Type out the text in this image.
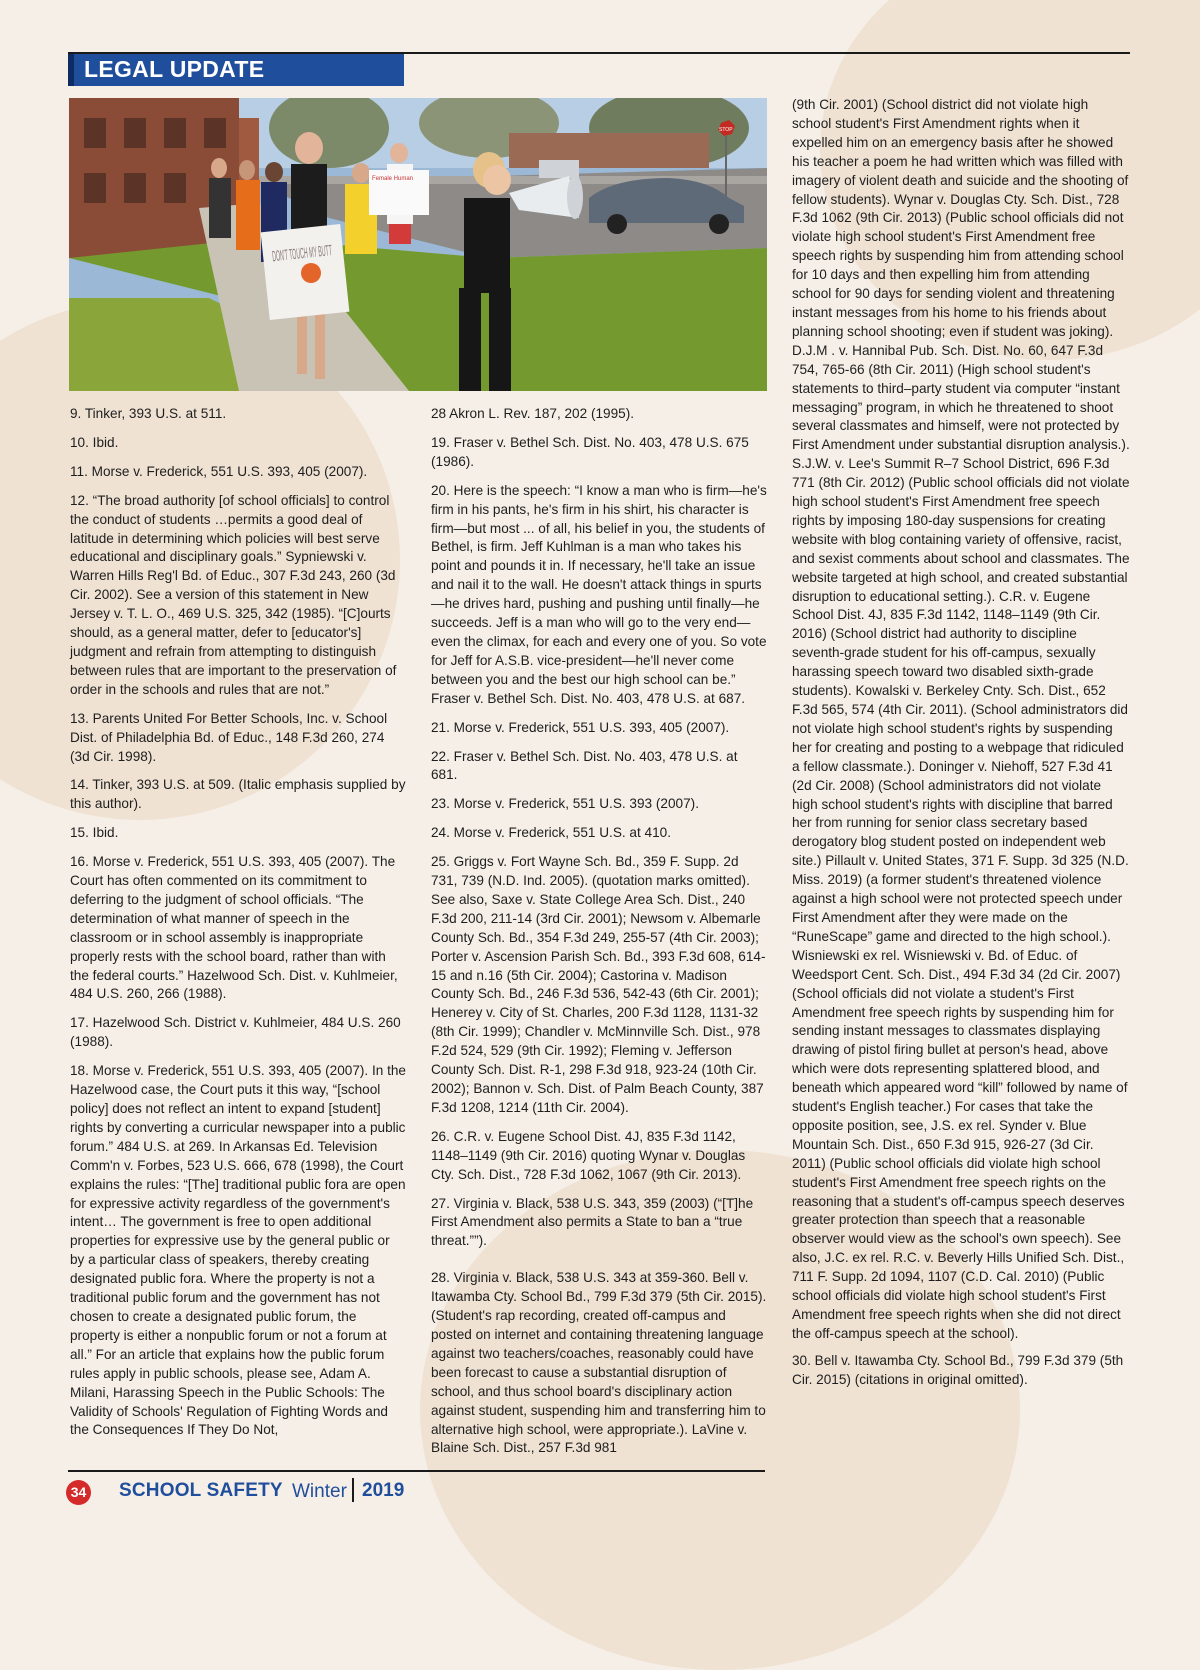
LEGAL UPDATE
STOP
Female Human

9. Tinker, 393 U.S. at 511.

10. Ibid.

11. Morse v. Frederick, 551 U.S. 393, 405 (2007).

12. “The broad authority [of school officials] to control the conduct of students …permits a good deal of latitude in determining which policies will best serve educational and disciplinary goals.” Sypniewski v. Warren Hills Reg'l Bd. of Educ., 307 F.3d 243, 260 (3d Cir. 2002). See a version of this statement in New Jersey v. T. L. O., 469 U.S. 325, 342 (1985). “[C]ourts should, as a general matter, defer to [educator's] judgment and refrain from attempting to distinguish between rules that are important to the preservation of order in the schools and rules that are not.”

13. Parents United For Better Schools, Inc. v. School Dist. of Philadelphia Bd. of Educ., 148 F.3d 260, 274 (3d Cir. 1998).

14. Tinker, 393 U.S. at 509. (Italic emphasis supplied by this author).

15. Ibid.

16. Morse v. Frederick, 551 U.S. 393, 405 (2007). The Court has often commented on its commitment to deferring to the judgment of school officials. “The determination of what manner of speech in the classroom or in school assembly is inappropriate properly rests with the school board, rather than with the federal courts.” Hazelwood Sch. Dist. v. Kuhlmeier, 484 U.S. 260, 266 (1988).

17. Hazelwood Sch. District v. Kuhlmeier, 484 U.S. 260 (1988).

18. Morse v. Frederick, 551 U.S. 393, 405 (2007). In the Hazelwood case, the Court puts it this way, “[school policy] does not reflect an intent to expand [student] rights by converting a curricular newspaper into a public forum.” 484 U.S. at 269. In Arkansas Ed. Television Comm'n v. Forbes, 523 U.S. 666, 678 (1998), the Court explains the rules: “[The] traditional public fora are open for expressive activity regardless of the government's intent… The government is free to open additional properties for expressive use by the general public or by a particular class of speakers, thereby creating designated public fora. Where the property is not a traditional public forum and the government has not chosen to create a designated public forum, the property is either a nonpublic forum or not a forum at all.” For an article that explains how the public forum rules apply in public schools, please see, Adam A. Milani, Harassing Speech in the Public Schools: The Validity of Schools' Regulation of Fighting Words and the Consequences If They Do Not,

28 Akron L. Rev. 187, 202 (1995).

19. Fraser v. Bethel Sch. Dist. No. 403, 478 U.S. 675 (1986).

20. Here is the speech: “I know a man who is firm—he's firm in his pants, he's firm in his shirt, his character is firm—but most ... of all, his belief in you, the students of Bethel, is firm. Jeff Kuhlman is a man who takes his point and pounds it in. If necessary, he'll take an issue and nail it to the wall. He doesn't attack things in spurts—he drives hard, pushing and pushing until finally—he succeeds. Jeff is a man who will go to the very end—even the climax, for each and every one of you. So vote for Jeff for A.S.B. vice-president—he'll never come between you and the best our high school can be.” Fraser v. Bethel Sch. Dist. No. 403, 478 U.S. at 687.

21. Morse v. Frederick, 551 U.S. 393, 405 (2007).

22. Fraser v. Bethel Sch. Dist. No. 403, 478 U.S. at 681.

23. Morse v. Frederick, 551 U.S. 393 (2007).

24. Morse v. Frederick, 551 U.S. at 410.

25. Griggs v. Fort Wayne Sch. Bd., 359 F. Supp. 2d 731, 739 (N.D. Ind. 2005). (quotation marks omitted). See also, Saxe v. State College Area Sch. Dist., 240 F.3d 200, 211-14 (3rd Cir. 2001); Newsom v. Albemarle County Sch. Bd., 354 F.3d 249, 255-57 (4th Cir. 2003); Porter v. Ascension Parish Sch. Bd., 393 F.3d 608, 614-15 and n.16 (5th Cir. 2004); Castorina v. Madison County Sch. Bd., 246 F.3d 536, 542-43 (6th Cir. 2001); Henerey v. City of St. Charles, 200 F.3d 1128, 1131-32 (8th Cir. 1999); Chandler v. McMinnville Sch. Dist., 978 F.2d 524, 529 (9th Cir. 1992); Fleming v. Jefferson County Sch. Dist. R-1, 298 F.3d 918, 923-24 (10th Cir. 2002); Bannon v. Sch. Dist. of Palm Beach County, 387 F.3d 1208, 1214 (11th Cir. 2004).

26. C.R. v. Eugene School Dist. 4J, 835 F.3d 1142, 1148–1149 (9th Cir. 2016) quoting Wynar v. Douglas Cty. Sch. Dist., 728 F.3d 1062, 1067 (9th Cir. 2013).

27. Virginia v. Black, 538 U.S. 343, 359 (2003) (“[T]he First Amendment also permits a State to ban a “true threat.””).

28. Virginia v. Black, 538 U.S. 343 at 359-360. Bell v. Itawamba Cty. School Bd., 799 F.3d 379 (5th Cir. 2015). (Student's rap recording, created off-campus and posted on internet and containing threatening language against two teachers/coaches, reasonably could have been forecast to cause a substantial disruption of school, and thus school board's disciplinary action against student, suspending him and transferring him to alternative high school, were appropriate.). LaVine v. Blaine Sch. Dist., 257 F.3d 981

(9th Cir. 2001) (School district did not violate high school student's First Amendment rights when it expelled him on an emergency basis after he showed his teacher a poem he had written which was filled with imagery of violent death and suicide and the shooting of fellow students). Wynar v. Douglas Cty. Sch. Dist., 728 F.3d 1062 (9th Cir. 2013) (Public school officials did not violate high school student's First Amendment free speech rights by suspending him from attending school for 10 days and then expelling him from attending school for 90 days for sending violent and threatening instant messages from his home to his friends about planning school shooting; even if student was joking). D.J.M . v. Hannibal Pub. Sch. Dist. No. 60, 647 F.3d 754, 765-66 (8th Cir. 2011) (High school student's statements to third–party student via computer “instant messaging” program, in which he threatened to shoot several classmates and himself, were not protected by First Amendment under substantial disruption analysis.). S.J.W. v. Lee's Summit R–7 School District, 696 F.3d 771 (8th Cir. 2012) (Public school officials did not violate high school student's First Amendment free speech rights by imposing 180-day suspensions for creating website with blog containing variety of offensive, racist, and sexist comments about school and classmates. The website targeted at high school, and created substantial disruption to educational setting.). C.R. v. Eugene School Dist. 4J, 835 F.3d 1142, 1148–1149 (9th Cir. 2016) (School district had authority to discipline seventh-grade student for his off-campus, sexually harassing speech toward two disabled sixth-grade students). Kowalski v. Berkeley Cnty. Sch. Dist., 652 F.3d 565, 574 (4th Cir. 2011). (School administrators did not violate high school student's rights by suspending her for creating and posting to a webpage that ridiculed a fellow classmate.). Doninger v. Niehoff, 527 F.3d 41 (2d Cir. 2008) (School administrators did not violate high school student's rights with discipline that barred her from running for senior class secretary based derogatory blog student posted on independent web site.) Pillault v. United States, 371 F. Supp. 3d 325 (N.D. Miss. 2019) (a former student's threatened violence against a high school were not protected speech under First Amendment after they were made on the “RuneScape” game and directed to the high school.). Wisniewski ex rel. Wisniewski v. Bd. of Educ. of Weedsport Cent. Sch. Dist., 494 F.3d 34 (2d Cir. 2007) (School officials did not violate a student's First Amendment free speech rights by suspending him for sending instant messages to classmates displaying drawing of pistol firing bullet at person's head, above which were dots representing splattered blood, and beneath which appeared word “kill” followed by name of student's English teacher.) For cases that take the opposite position, see, J.S. ex rel. Synder v. Blue Mountain Sch. Dist., 650 F.3d 915, 926-27 (3d Cir. 2011) (Public school officials did violate high school student's First Amendment free speech rights on the reasoning that a student's off-campus speech deserves greater protection than speech that a reasonable observer would view as the school's own speech). See also, J.C. ex rel. R.C. v. Beverly Hills Unified Sch. Dist., 711 F. Supp. 2d 1094, 1107 (C.D. Cal. 2010) (Public school officials did violate high school student's First Amendment free speech rights when she did not direct the off-campus speech at the school).

30. Bell v. Itawamba Cty. School Bd., 799 F.3d 379 (5th Cir. 2015) (citations in original omitted).

34 SCHOOL SAFETY Winter 2019
